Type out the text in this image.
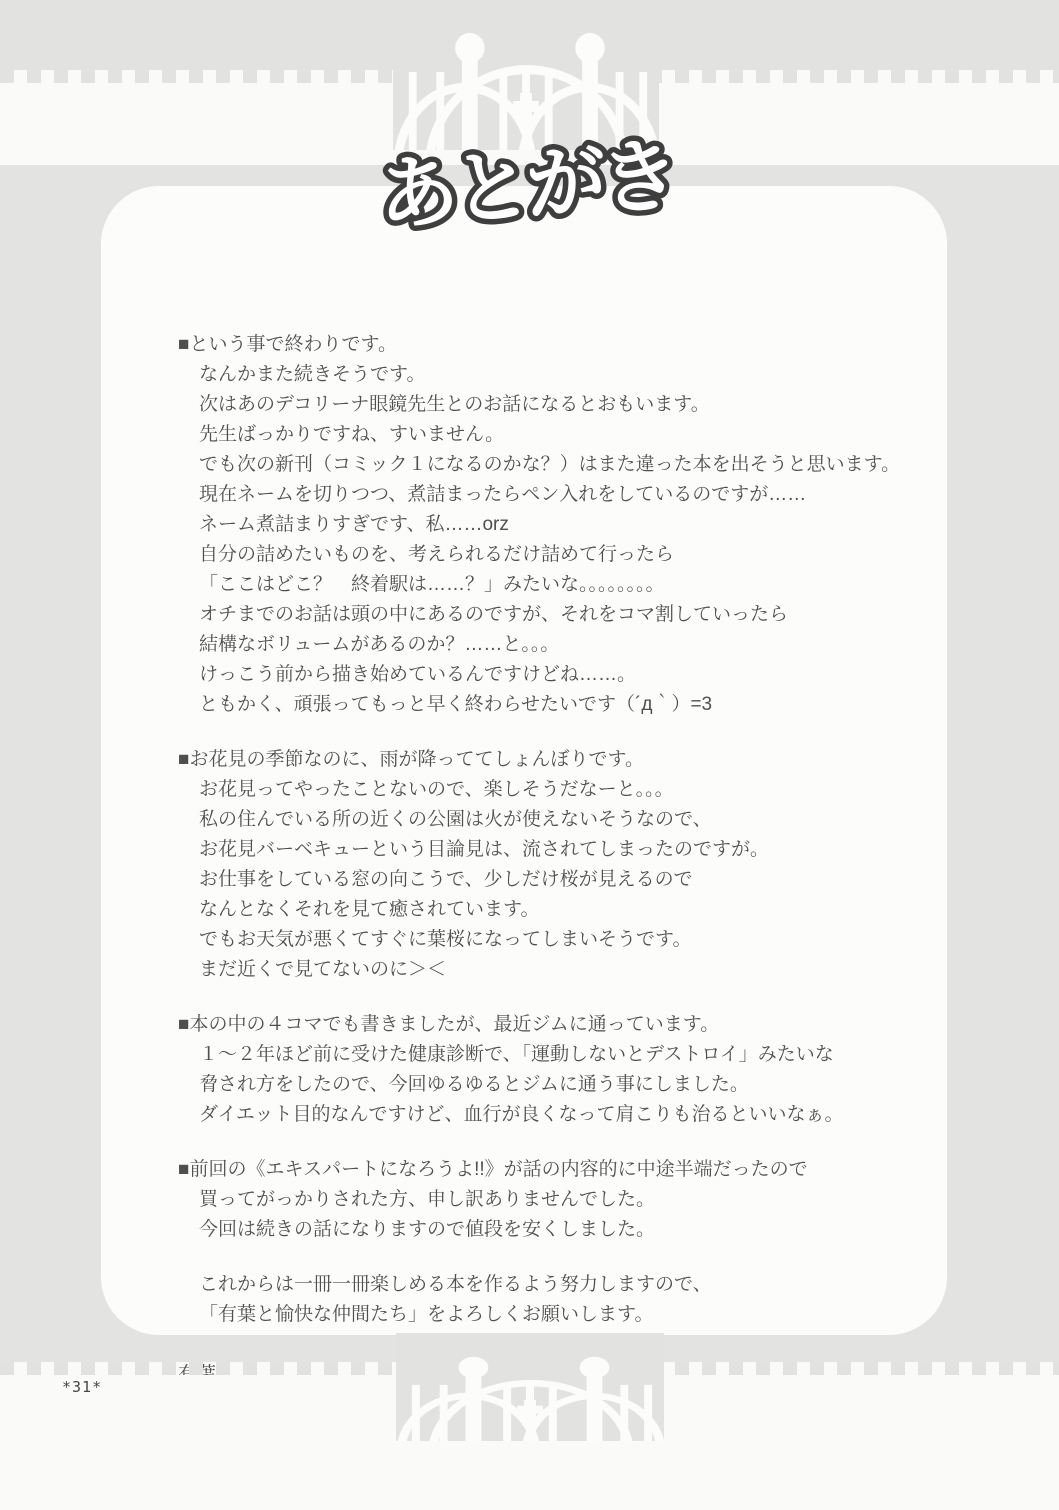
あとがき

■という事で終わりです。
なんかまた続きそうです。
次はあのデコリーナ眼鏡先生とのお話になるとおもいます。
先生ばっかりですね、すいません。
でも次の新刊（コミック１になるのかな？）はまた違った本を出そうと思います。
現在ネームを切りつつ、煮詰まったらペン入れをしているのですが……
ネーム煮詰まりすぎです、私……orz
自分の詰めたいものを、考えられるだけ詰めて行ったら
「ここはどこ？　終着駅は……？」みたいな。。。。。。。。
オチまでのお話は頭の中にあるのですが、それをコマ割していったら
結構なボリュームがあるのか？……と。。。
けっこう前から描き始めているんですけどね……。
ともかく、頑張ってもっと早く終わらせたいです（´д｀）=3
■お花見の季節なのに、雨が降っててしょんぼりです。
お花見ってやったことないので、楽しそうだなーと。。。
私の住んでいる所の近くの公園は火が使えないそうなので、
お花見バーベキューという目論見は、流されてしまったのですが。
お仕事をしている窓の向こうで、少しだけ桜が見えるので
なんとなくそれを見て癒されています。
でもお天気が悪くてすぐに葉桜になってしまいそうです。
まだ近くで見てないのに＞＜
■本の中の４コマでも書きましたが、最近ジムに通っています。
１～２年ほど前に受けた健康診断で、「運動しないとデストロイ」みたいな
脅され方をしたので、今回ゆるゆるとジムに通う事にしました。
ダイエット目的なんですけど、血行が良くなって肩こりも治るといいなぁ。
■前回の《エキスパートになろうよ!!》が話の内容的に中途半端だったので
買ってがっかりされた方、申し訳ありませんでした。
今回は続きの話になりますので値段を安くしました。
これからは一冊一冊楽しめる本を作るよう努力しますので、
「有葉と愉快な仲間たち」をよろしくお願いします。

*31*
